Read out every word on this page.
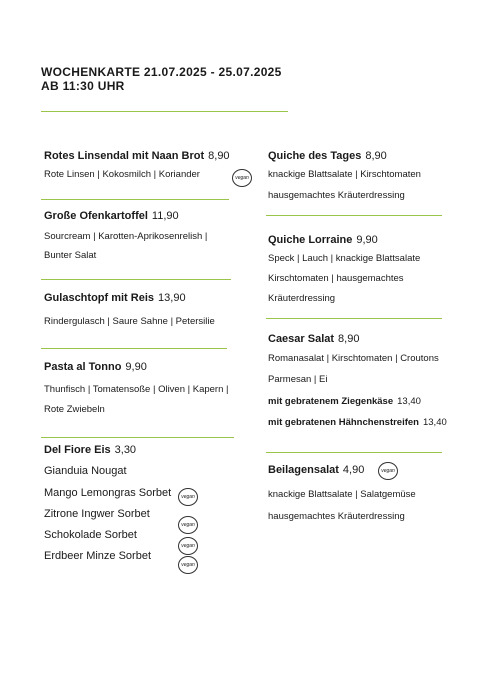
WOCHENKARTE 21.07.2025 - 25.07.2025
AB 11:30 UHR
Rotes Linsendal mit Naan Brot 8,90
Rote Linsen | Kokosmilch | Koriander	vegan
Große Ofenkartoffel 11,90
Sourcream | Karotten-Aprikosenrelish |
Bunter Salat
Gulaschtopf mit Reis 13,90
Rindergulasch | Saure Sahne | Petersilie
Pasta al Tonno 9,90
Thunfisch | Tomatensoße | Oliven | Kapern |
Rote Zwiebeln
Del Fiore Eis 3,30
Gianduia Nougat
Mango Lemongras Sorbet	vegan
Zitrone Ingwer Sorbet
vegan
Schokolade Sorbet
vegan
Erdbeer Minze Sorbet
vegan
Quiche des Tages 8,90
knackige Blattsalate | Kirschtomaten
hausgemachtes Kräuterdressing
Quiche Lorraine 9,90
Speck | Lauch | knackige Blattsalate
Kirschtomaten | hausgemachtes
Kräuterdressing
Caesar Salat 8,90
Romanasalat | Kirschtomaten | Croutons
Parmesan | Ei
mit gebratenem Ziegenkäse 13,40
mit gebratenen Hähnchenstreifen 13,40
Beilagensalat 4,90	vegan
knackige Blattsalate | Salatgemüse
hausgemachtes Kräuterdressing
